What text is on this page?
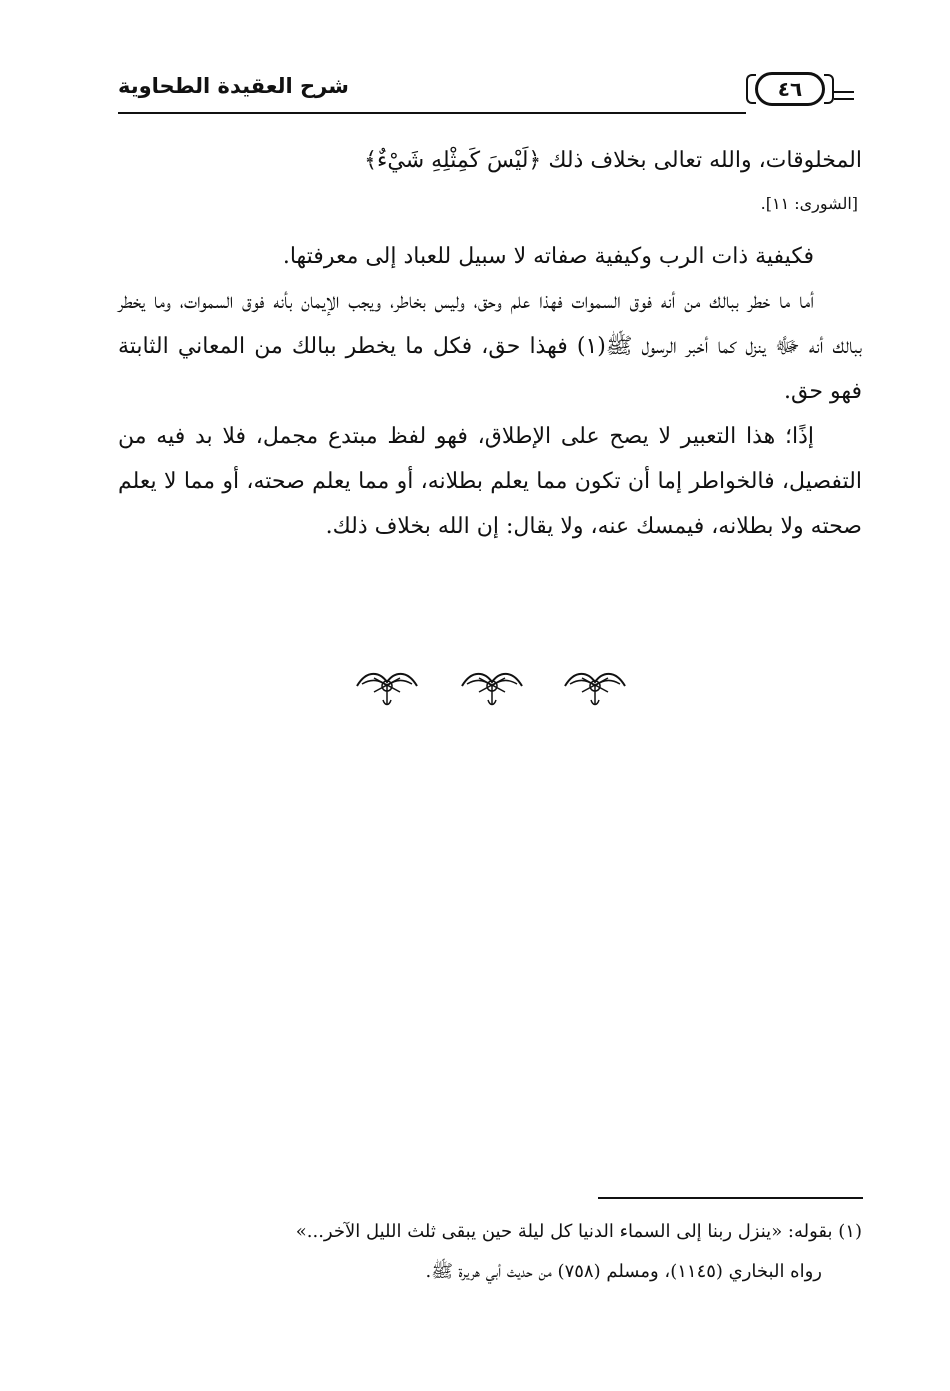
شرح العقيدة الطحاوية	٤٦

المخلوقات، والله تعالى بخلاف ذلك ﴿لَيْسَ كَمِثْلِهِ شَيْءٌ﴾

[الشورى: ١١].

فكيفية ذات الرب وكيفية صفاته لا سبيل للعباد إلى معرفتها.

أما ما خطر ببالك من أنه فوق السموات فهذا علم وحق، وليس بخاطر، ويجب الإيمان بأنه فوق السموات، وما يخطر ببالك أنه ﷻ ينزل كما أخبر الرسول ﷺ(١) فهذا حق، فكل ما يخطر ببالك من المعاني الثابتة فهو حق.

إذًا؛ هذا التعبير لا يصح على الإطلاق، فهو لفظ مبتدع مجمل، فلا بد فيه من التفصيل، فالخواطر إما أن تكون مما يعلم بطلانه، أو مما يعلم صحته، أو مما لا يعلم صحته ولا بطلانه، فيمسك عنه، ولا يقال: إن الله بخلاف ذلك.

(١) بقوله: «ينزل ربنا إلى السماء الدنيا كل ليلة حين يبقى ثلث الليل الآخر...»

رواه البخاري (١١٤٥)، ومسلم (٧٥٨) من حديث أبي هريرة ﷺ.
